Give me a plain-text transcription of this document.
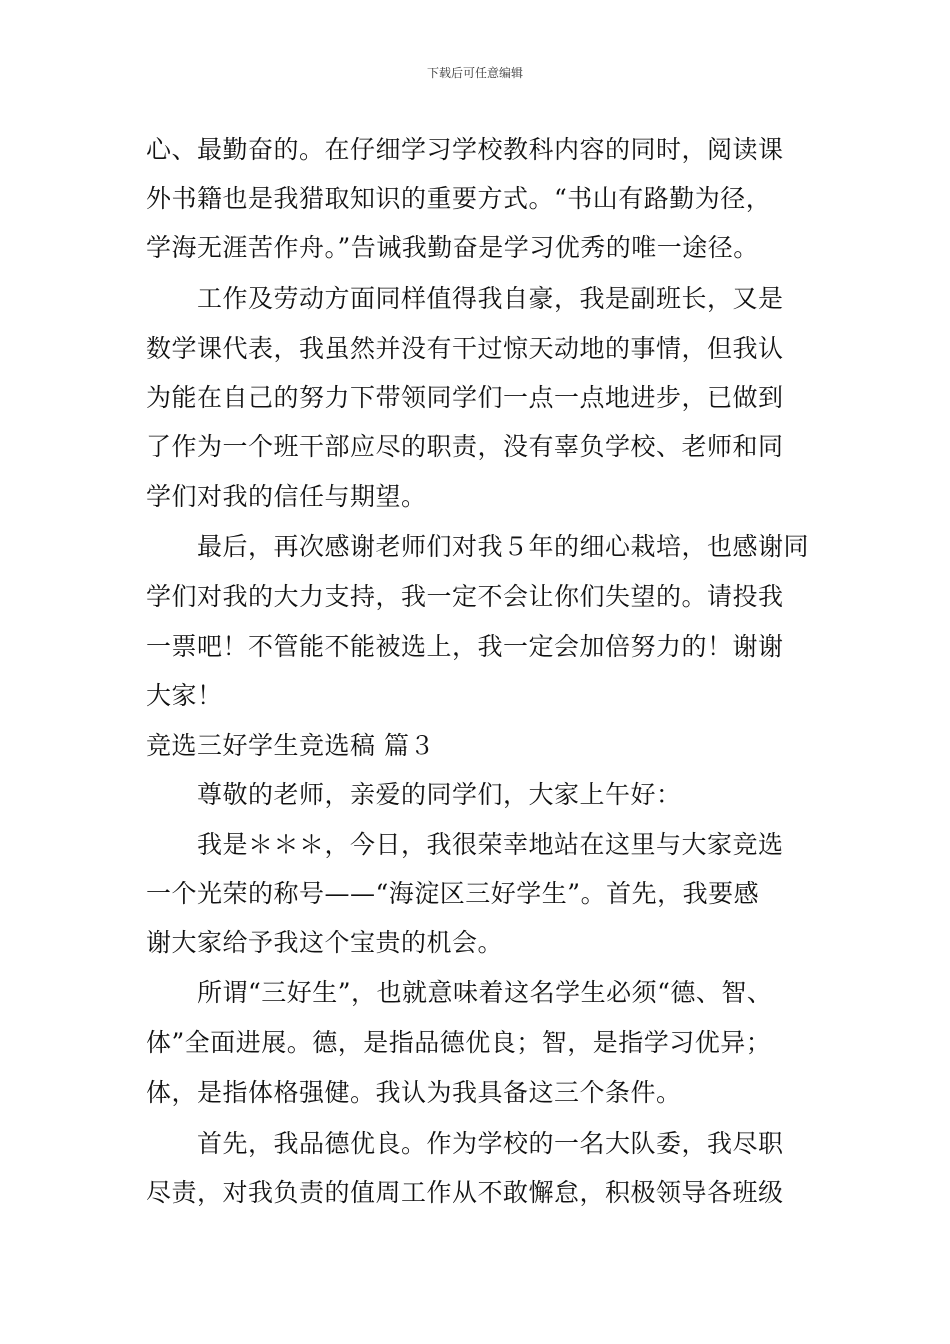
下载后可任意编辑
心、最勤奋的。在仔细学习学校教科内容的同时，阅读课
外书籍也是我猎取知识的重要方式。“书山有路勤为径，
学海无涯苦作舟。”告诫我勤奋是学习优秀的唯一途径。
工作及劳动方面同样值得我自豪，我是副班长，又是
数学课代表，我虽然并没有干过惊天动地的事情，但我认
为能在自己的努力下带领同学们一点一点地进步，已做到
了作为一个班干部应尽的职责，没有辜负学校、老师和同
学们对我的信任与期望。
最后，再次感谢老师们对我５年的细心栽培，也感谢同
学们对我的大力支持，我一定不会让你们失望的。请投我
一票吧！不管能不能被选上，我一定会加倍努力的！谢谢
大家！
竞选三好学生竞选稿 篇３
尊敬的老师，亲爱的同学们，大家上午好：
我是＊＊＊，今日，我很荣幸地站在这里与大家竞选
一个光荣的称号——“海淀区三好学生”。首先，我要感
谢大家给予我这个宝贵的机会。
所谓“三好生”，也就意味着这名学生必须“德、智、
体”全面进展。德，是指品德优良；智，是指学习优异；
体，是指体格强健。我认为我具备这三个条件。
首先，我品德优良。作为学校的一名大队委，我尽职
尽责，对我负责的值周工作从不敢懈怠，积极领导各班级
